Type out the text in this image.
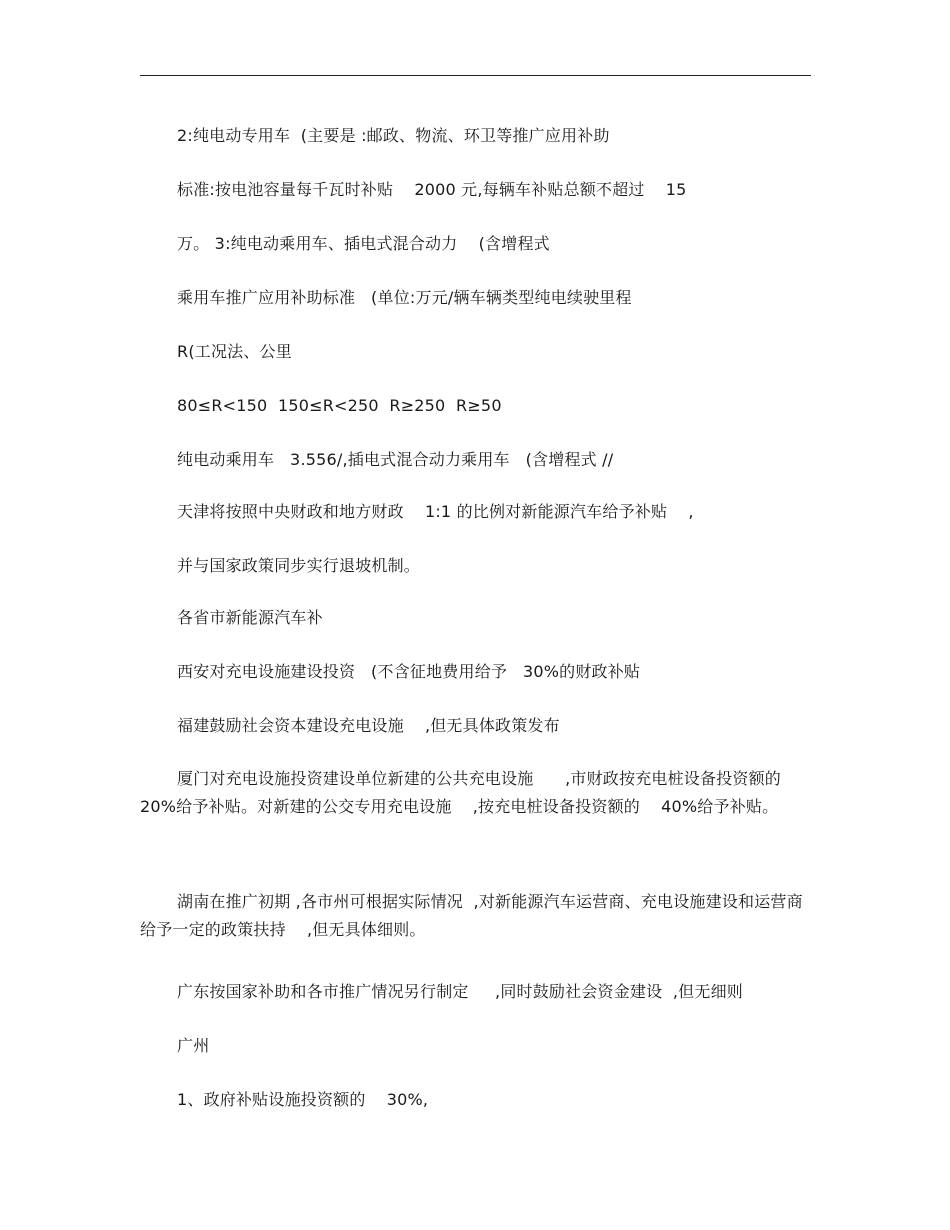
2:纯电动专用车  (主要是 :邮政、物流、环卫等推广应用补助
标准:按电池容量每千瓦时补贴    2000 元,每辆车补贴总额不超过    15
万。 3:纯电动乘用车、插电式混合动力    (含增程式
乘用车推广应用补助标准   (单位:万元/辆车辆类型纯电续驶里程
R(工况法、公里
80≤R<150  150≤R<250  R≥250  R≥50
纯电动乘用车   3.556/,插电式混合动力乘用车   (含增程式 //
天津将按照中央财政和地方财政    1:1 的比例对新能源汽车给予补贴    ,
并与国家政策同步实行退坡机制。
各省市新能源汽车补
西安对充电设施建设投资   (不含征地费用给予   30%的财政补贴
福建鼓励社会资本建设充电设施    ,但无具体政策发布
厦门对充电设施投资建设单位新建的公共充电设施      ,市财政按充电桩设备投资额的 20%给予补贴。对新建的公交专用充电设施    ,按充电桩设备投资额的    40%给予补贴。
湖南在推广初期 ,各市州可根据实际情况  ,对新能源汽车运营商、充电设施建设和运营商给予一定的政策扶持    ,但无具体细则。
广东按国家补助和各市推广情况另行制定     ,同时鼓励社会资金建设  ,但无细则
广州
1、政府补贴设施投资额的    30%,
